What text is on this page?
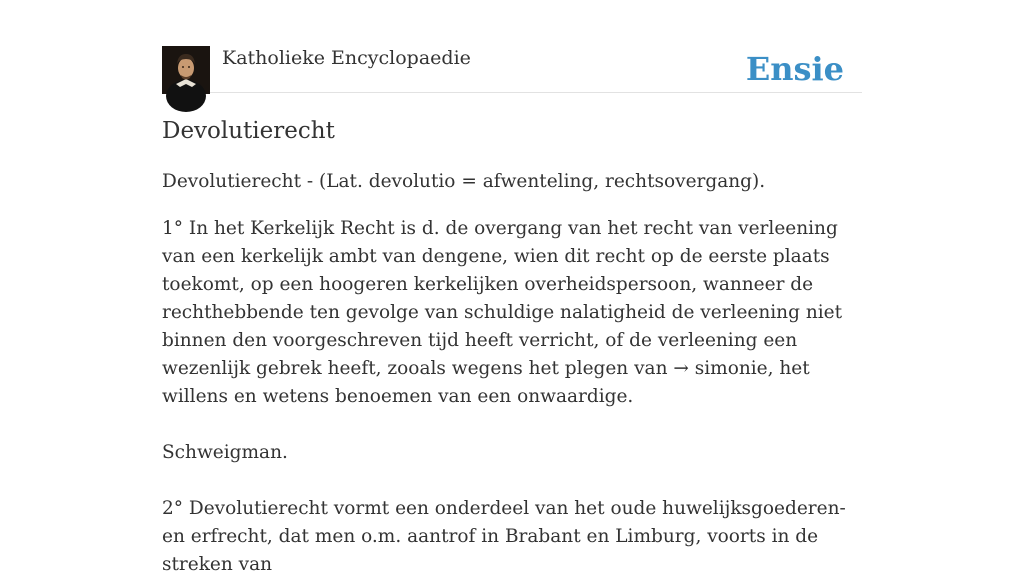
Katholieke Encyclopaedie	Ensie
Devolutierecht

Devolutierecht - (Lat. devolutio = afwenteling, rechtsovergang).

1° In het Kerkelijk Recht is d. de overgang van het recht van verleening van een kerkelijk ambt van dengene, wien dit recht op de eerste plaats toekomt, op een hoogeren kerkelijken overheidspersoon, wanneer de rechthebbende ten gevolge van schuldige nalatigheid de verleening niet binnen den voorgeschreven tijd heeft verricht, of de verleening een wezenlijk gebrek heeft, zooals wegens het plegen van → simonie, het willens en wetens benoemen van een onwaardige.

Schweigman.

2° Devolutierecht vormt een onderdeel van het oude huwelijksgoederen- en erfrecht, dat men o.m. aantrof in Brabant en Limburg, voorts in de streken van
